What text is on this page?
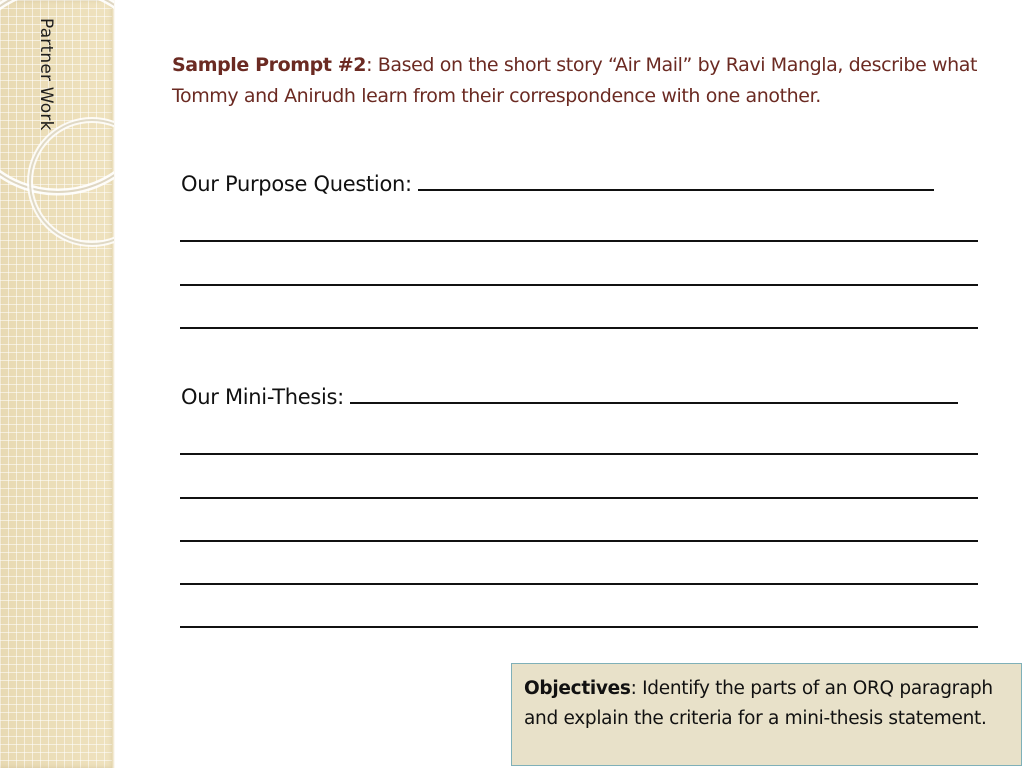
Partner Work	Sample Prompt #2: Based on the short story “Air Mail” by Ravi Mangla, describe what Tommy and Anirudh learn from their correspondence with one another.
Our Purpose Question:
Our Mini-Thesis:
Objectives: Identify the parts of an ORQ paragraph and explain the criteria for a mini-thesis statement.
